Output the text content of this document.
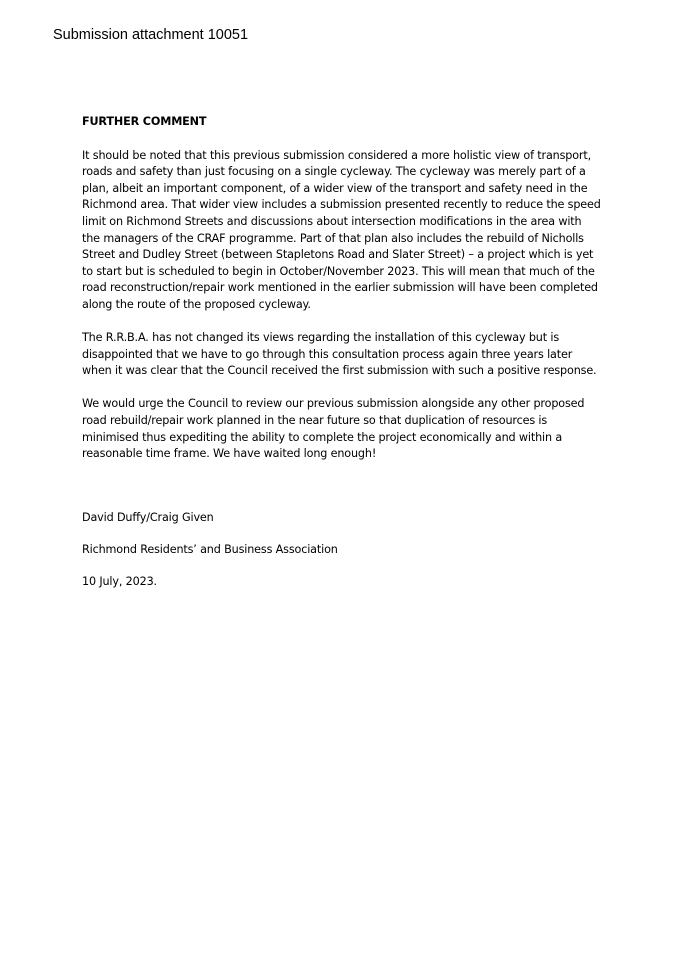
Submission attachment 10051
FURTHER COMMENT

It should be noted that this previous submission considered a more holistic view of transport, roads and safety than just focusing on a single cycleway. The cycleway was merely part of a plan, albeit an important component, of a wider view of the transport and safety need in the Richmond area. That wider view includes a submission presented recently to reduce the speed limit on Richmond Streets and discussions about intersection modifications in the area with the managers of the CRAF programme. Part of that plan also includes the rebuild of Nicholls Street and Dudley Street (between Stapletons Road and Slater Street) – a project which is yet to start but is scheduled to begin in October/November 2023. This will mean that much of the road reconstruction/repair work mentioned in the earlier submission will have been completed along the route of the proposed cycleway.

The R.R.B.A. has not changed its views regarding the installation of this cycleway but is disappointed that we have to go through this consultation process again three years later when it was clear that the Council received the first submission with such a positive response.

We would urge the Council to review our previous submission alongside any other proposed road rebuild/repair work planned in the near future so that duplication of resources is minimised thus expediting the ability to complete the project economically and within a reasonable time frame. We have waited long enough!

David Duffy/Craig Given
Richmond Residents’ and Business Association
10 July, 2023.
